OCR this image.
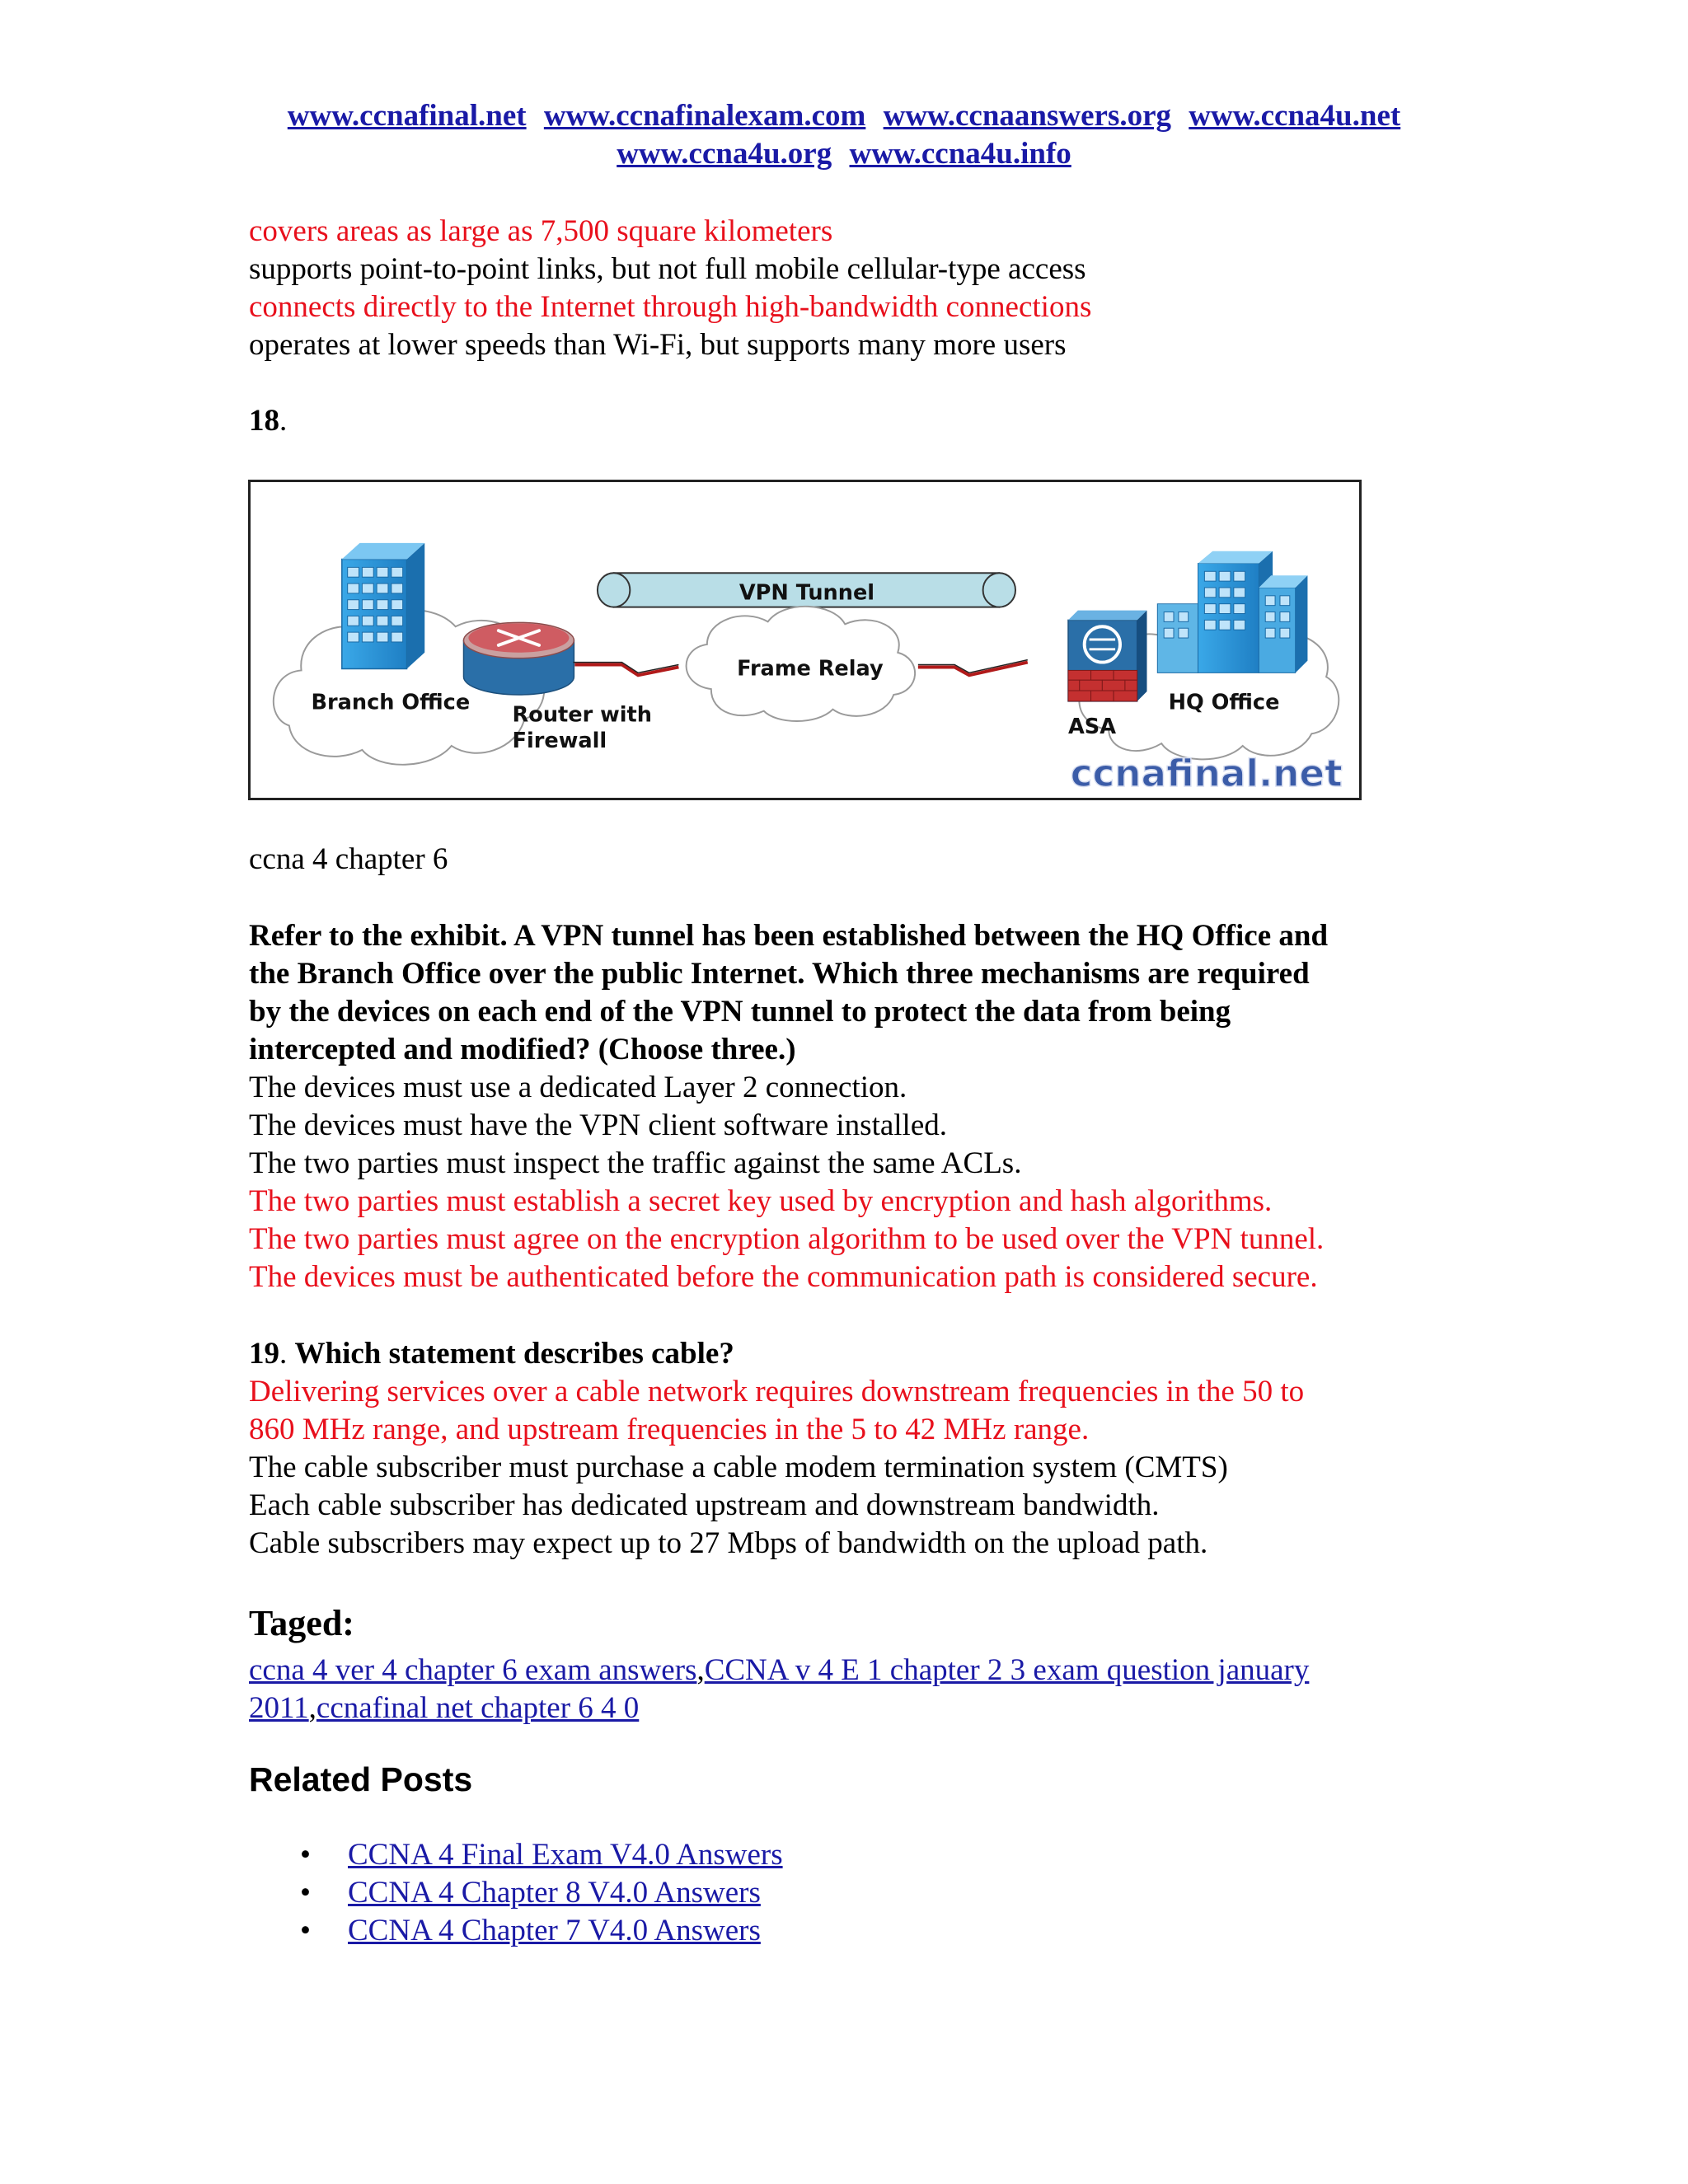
www.ccnafinal.net www.ccnafinalexam.com www.ccnaanswers.org www.ccna4u.net
www.ccna4u.org www.ccna4u.info

covers areas as large as 7,500 square kilometers

supports point-to-point links, but not full mobile cellular-type access

connects directly to the Internet through high-bandwidth connections

operates at lower speeds than Wi-Fi, but supports many more users

18.

VPN Tunnel
Frame Relay
Branch Office Router with
Firewall
ASA
HQ Office
ccnafinal.net

ccna 4 chapter 6

Refer to the exhibit. A VPN tunnel has been established between the HQ Office and

the Branch Office over the public Internet. Which three mechanisms are required

by the devices on each end of the VPN tunnel to protect the data from being

intercepted and modified? (Choose three.)

The devices must use a dedicated Layer 2 connection.

The devices must have the VPN client software installed.

The two parties must inspect the traffic against the same ACLs.

The two parties must establish a secret key used by encryption and hash algorithms.

The two parties must agree on the encryption algorithm to be used over the VPN tunnel.

The devices must be authenticated before the communication path is considered secure.

19. Which statement describes cable?

Delivering services over a cable network requires downstream frequencies in the 50 to

860 MHz range, and upstream frequencies in the 5 to 42 MHz range.

The cable subscriber must purchase a cable modem termination system (CMTS)

Each cable subscriber has dedicated upstream and downstream bandwidth.

Cable subscribers may expect up to 27 Mbps of bandwidth on the upload path.

Taged:

ccna 4 ver 4 chapter 6 exam answers,CCNA v 4 E 1 chapter 2 3 exam question january 2011,ccnafinal net chapter 6 4 0

Related Posts

• CCNA 4 Final Exam V4.0 Answers
• CCNA 4 Chapter 8 V4.0 Answers
• CCNA 4 Chapter 7 V4.0 Answers
